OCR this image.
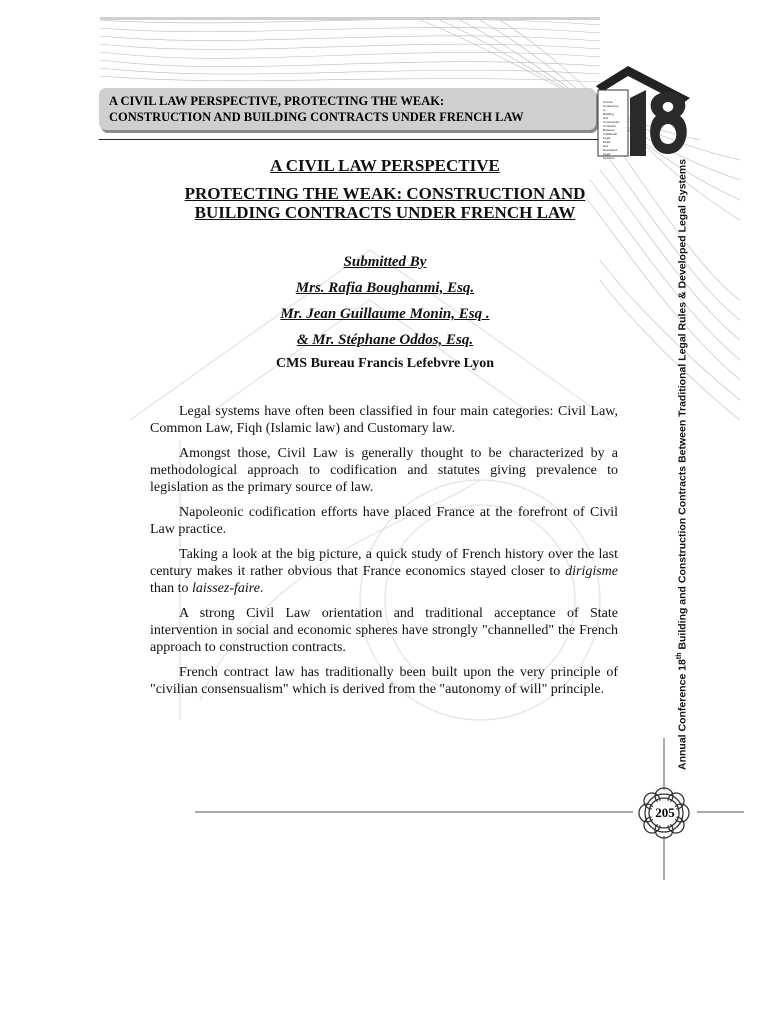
A CIVIL LAW PERSPECTIVE, PROTECTING THE WEAK:
CONSTRUCTION AND BUILDING CONTRACTS UNDER FRENCH LAW
Annual
Conference
of
Building
and
Construction
Contracts
Between
Traditional
Legal
Rules
and
Developed
Legal
Systems
A CIVIL LAW PERSPECTIVE
PROTECTING THE WEAK: CONSTRUCTION AND
BUILDING CONTRACTS UNDER FRENCH LAW
Submitted By
Mrs. Rafia Boughanmi, Esq.
Mr. Jean Guillaume Monin, Esq .
& Mr. Stéphane Oddos, Esq.
CMS Bureau Francis Lefebvre Lyon

Legal systems have often been classified in four main categories: Civil Law, Common Law, Fiqh (Islamic law) and Customary law.

Amongst those, Civil Law is generally thought to be characterized by a methodological approach to codification and statutes giving prevalence to legislation as the primary source of law.

Napoleonic codification efforts have placed France at the forefront of Civil Law practice.

Taking a look at the big picture, a quick study of French history over the last century makes it rather obvious that France economics stayed closer to dirigisme than to laissez-faire.

A strong Civil Law orientation and traditional acceptance of State intervention in social and economic spheres have strongly "channelled" the French approach to construction contracts.

French contract law has traditionally been built upon the very principle of "civilian consensualism" which is derived from the "autonomy of will" principle.	Annual Conference 18th Building and Construction Contracts Between Traditional Legal Rules & Developed Legal Systems
205
